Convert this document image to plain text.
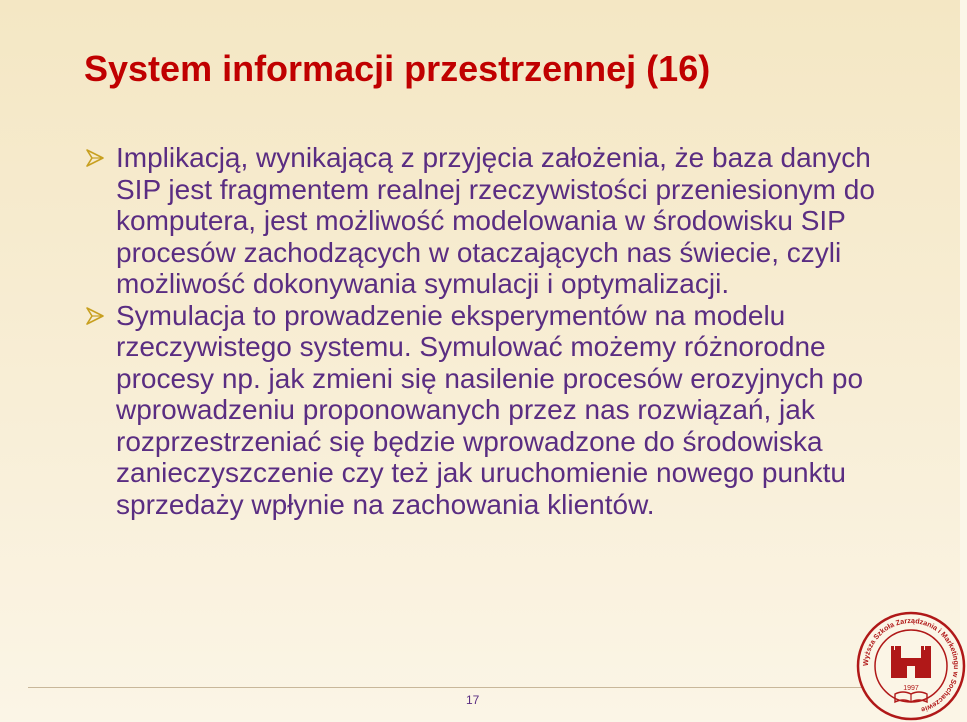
System informacji przestrzennej (16)
Implikacją, wynikającą z przyjęcia założenia, że baza danych SIP jest fragmentem realnej rzeczywistości przeniesionym do komputera, jest możliwość modelowania w środowisku SIP procesów zachodzących w otaczających nas świecie, czyli możliwość dokonywania symulacji i optymalizacji.
Symulacja to prowadzenie eksperymentów na modelu rzeczywistego systemu. Symulować możemy różnorodne procesy np. jak zmieni się nasilenie procesów erozyjnych po wprowadzeniu proponowanych przez nas rozwiązań, jak rozprzestrzeniać się będzie wprowadzone do środowiska zanieczyszczenie czy też jak uruchomienie nowego punktu sprzedaży wpłynie na zachowania klientów.
17
Wyższa Szkoła Zarządzania i Marketingu w Sochaczewie
1997
